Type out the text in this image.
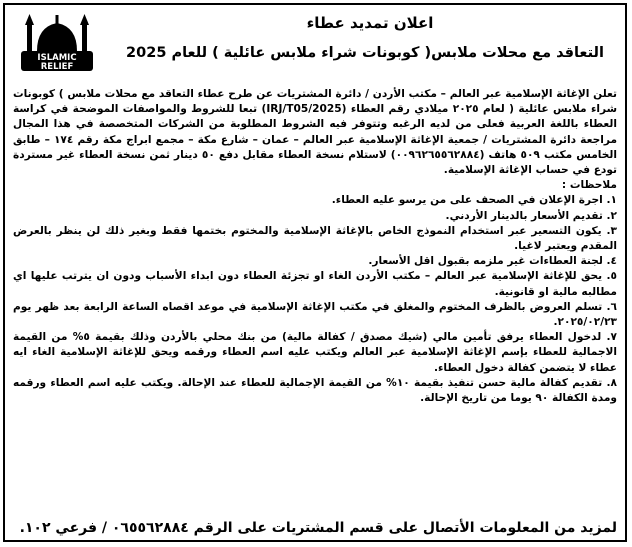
ISLAMIC
RELIEF
اعلان تمديد عطاء
التعاقد مع محلات ملابس( كوبونات شراء ملابس عائلية ) للعام 2025

تعلن الإغاثة الإسلامية عبر العالم – مكتب الأردن / دائرة المشتريات عن طرح عطاء التعاقد مع محلات ملابس ) كوبونات شراء ملابس عائلية ( لعام ٢٠٢٥ ميلادي رقم العطاء (IRJ/T05/2025) تبعا للشروط والمواصفات الموضحة في كراسة العطاء باللغة العربية فعلى من لديه الرغبه وتتوفر فيه الشروط المطلوبة من الشركات المتخصصة في هذا المجال مراجعة دائرة المشتريات / جمعية الإغاثة الإسلامية عبر العالم – عمان – شارع مكة – مجمع ابراج مكة رقم ١٧٤ – طابق الخامس مكتب ٥٠٩ هاتف (٠٠٩٦٢٦٥٥٦٢٨٨٤) لاستلام نسخة العطاء مقابل دفع ٥٠ دينار ثمن نسخة العطاء غير مستردة تودع في حساب الإغاثة الإسلامية.

ملاحظات :

١. اجرة الإعلان في الصحف على من يرسو عليه العطاء.

٢. تقديم الأسعار بالدينار الأردني.

٣. يكون التسعير عبر استخدام النموذج الخاص بالإغاثة الإسلامية والمختوم بختمها فقط وبغير ذلك لن ينظر بالعرض المقدم ويعتبر لاغيا.

٤. لجنة العطاءات غير ملزمه بقبول اقل الأسعار.

٥. يحق للإغاثة الإسلامية عبر العالم – مكتب الأردن الغاء او تجزئة العطاء دون ابداء الأسباب ودون ان يترتب عليها اي مطالبه مالية او قانونية.

٦. تسلم العروض بالظرف المختوم والمغلق في مكتب الإغاثة الإسلامية في موعد اقصاه الساعة الرابعة بعد ظهر يوم ٢٠٢٥/٠٢/٢٣.

٧. لدخول العطاء يرفق تأمين مالي (شيك مصدق / كفالة مالية) من بنك محلي بالأردن وذلك بقيمة ٥% من القيمة الاجمالية للعطاء بإسم الإغاثة الإسلامية عبر العالم ويكتب عليه اسم العطاء ورقمه ويحق للإغاثة الإسلامية الغاء ايه عطاء لا يتضمن كفالة دخول العطاء.

٨. تقديم كفالة مالية حسن تنفيذ بقيمة ١٠% من القيمة الإجمالية للعطاء عند الإحالة. ويكتب عليه اسم العطاء ورقمه ومدة الكفالة ٩٠ يوما من تاريخ الإحالة.

لمزيد من المعلومات الأتصال على قسم المشتريات على الرقم ٠٦٥٥٦٢٨٨٤ / فرعي ١٠٢.
